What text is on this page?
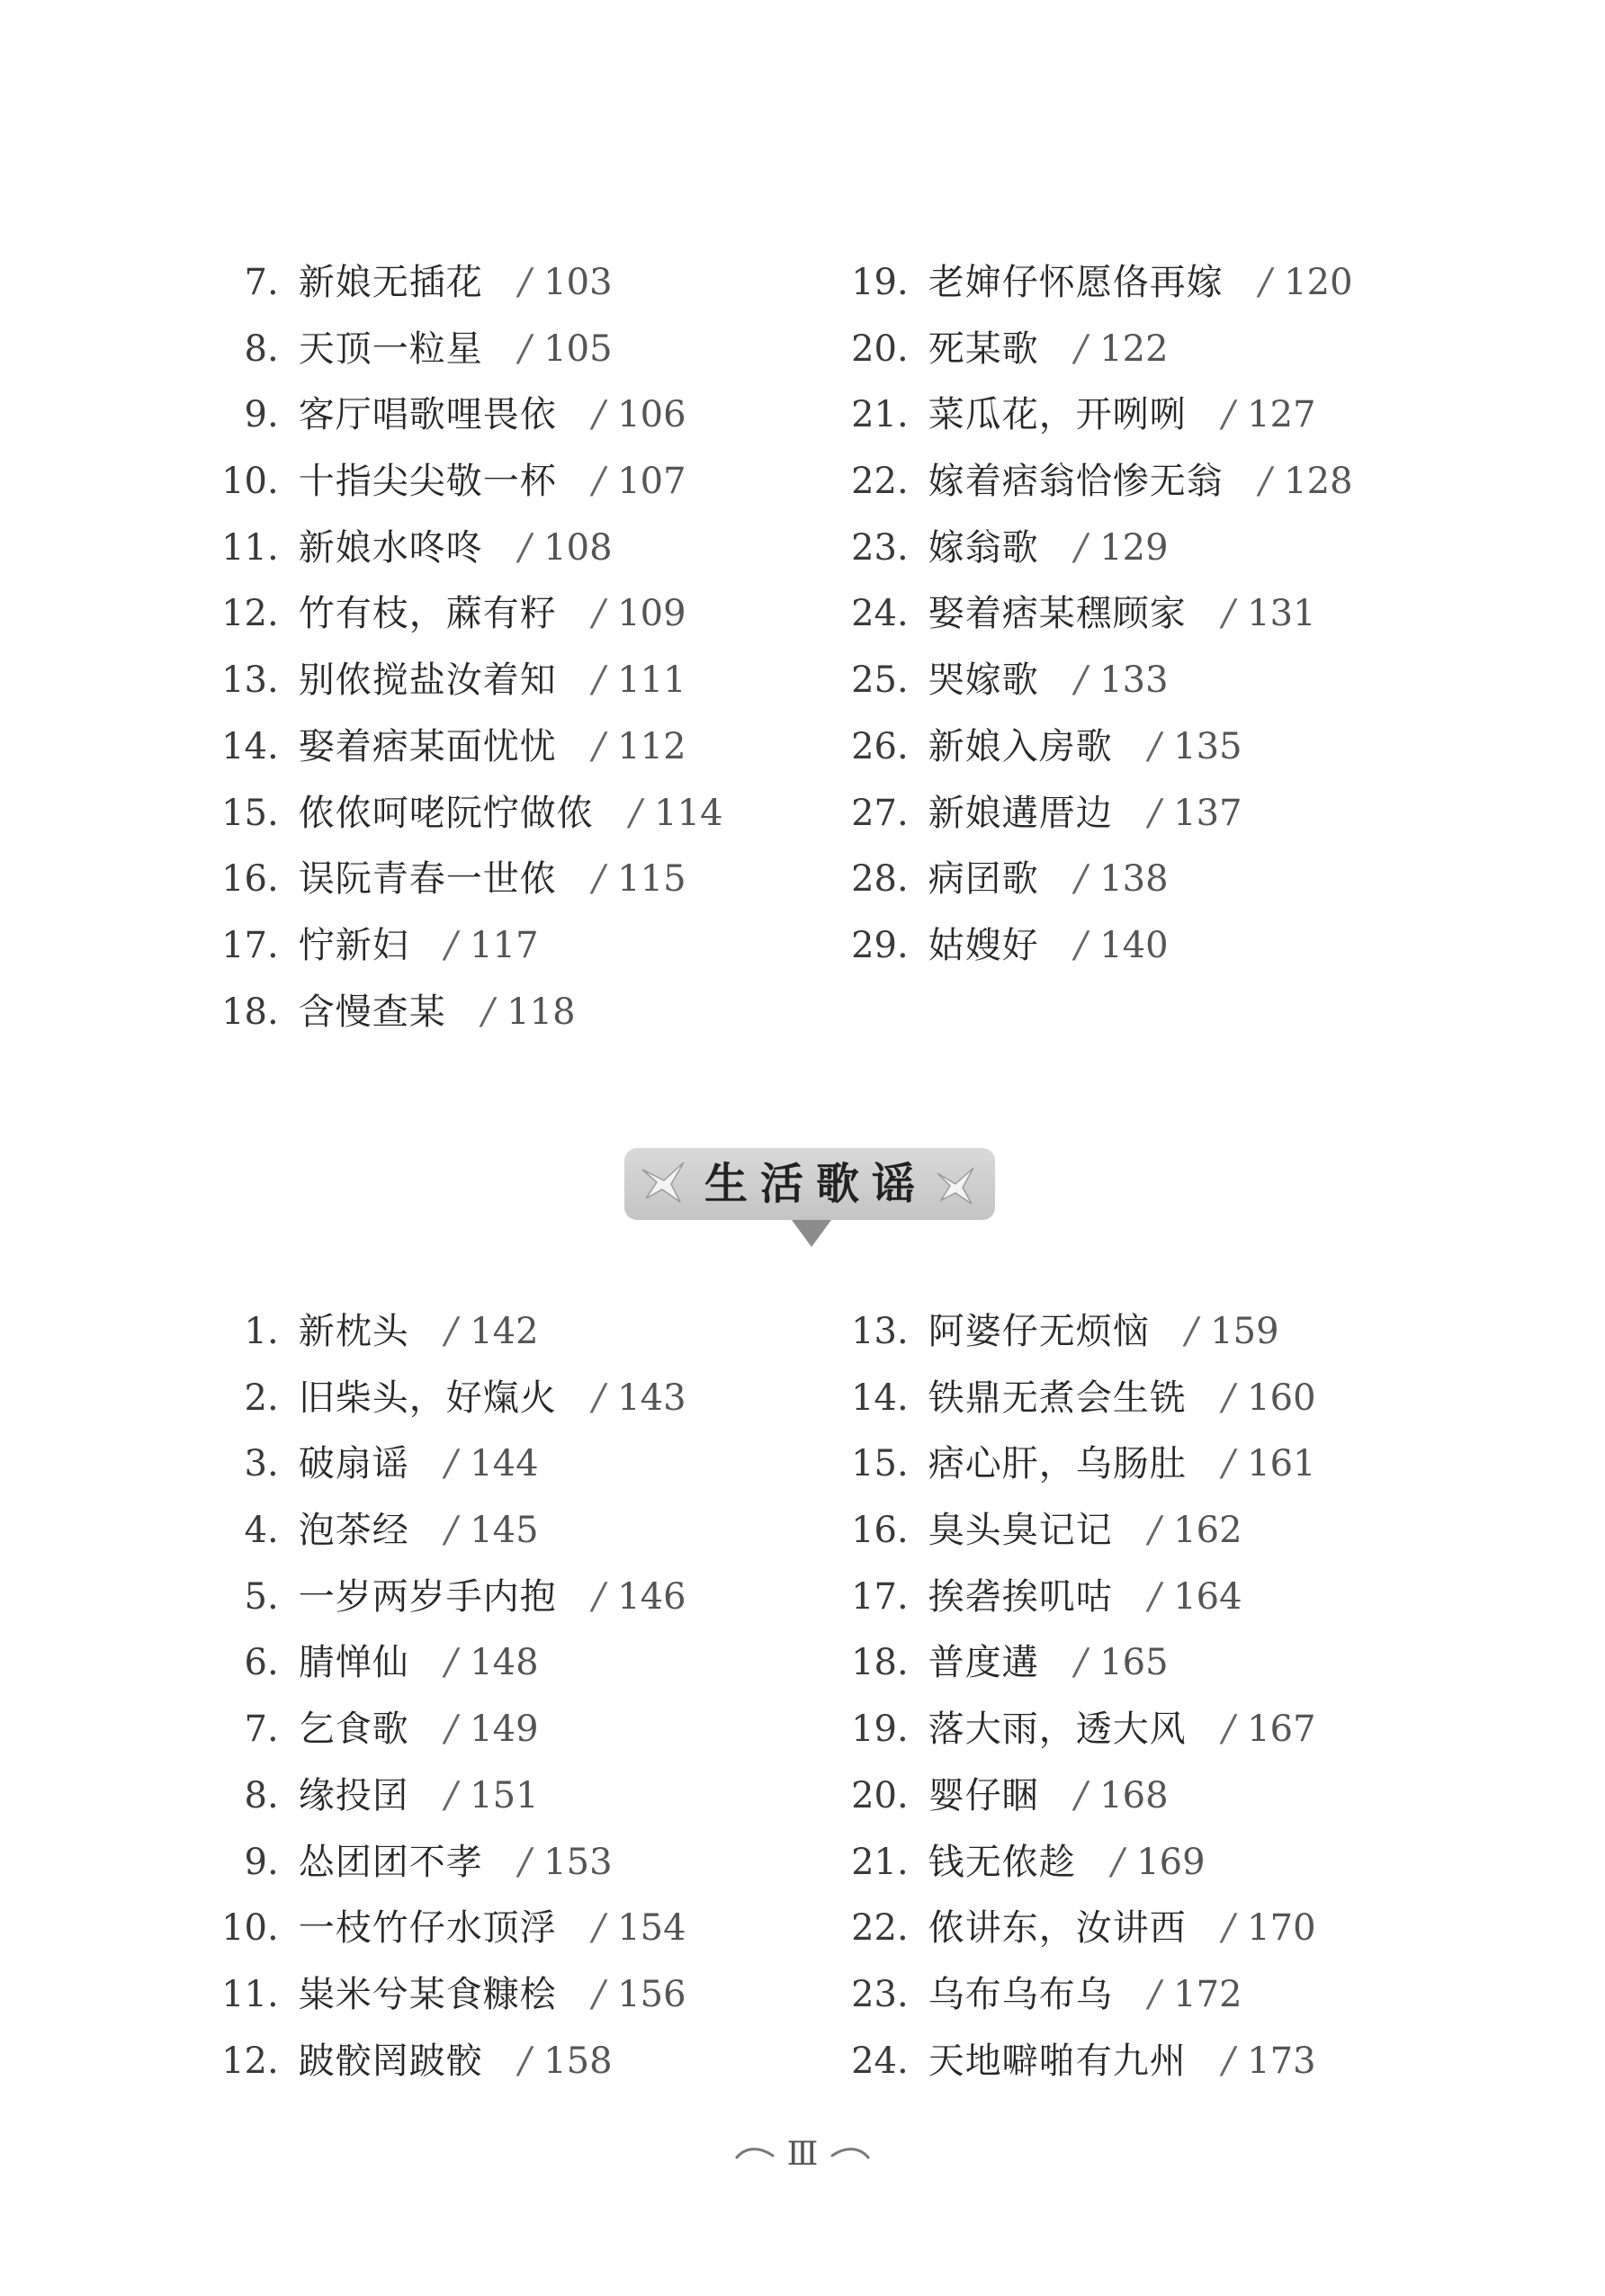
7. 新娘无插花 / 103
8. 天顶一粒星 / 105
9. 客厅唱歌哩畏依 / 106
10. 十指尖尖敬一杯 / 107
11. 新娘水咚咚 / 108
12. 竹有枝，蔴有籽 / 109
13. 别侬搅盐汝着知 / 111
14. 娶着痞某面忧忧 / 112
15. 侬侬呵咾阮㤖做侬 / 114
16. 误阮青春一世侬 / 115
17. 㤖新妇 / 117
18. 含慢查某 / 118
19. 老婶仔怀愿佫再嫁 / 120
20. 死某歌 / 122
21. 菜瓜花，开咧咧 / 127
22. 嫁着痞翁恰惨无翁 / 128
23. 嫁翁歌 / 129
24. 娶着痞某䆀顾家 / 131
25. 哭嫁歌 / 133
26. 新娘入房歌 / 135
27. 新娘遘厝边 / 137
28. 病囝歌 / 138
29. 姑嫂好 / 140
生活歌谣
1. 新枕头 / 142
2. 旧柴头，好熂火 / 143
3. 破扇谣 / 144
4. 泡茶经 / 145
5. 一岁两岁手内抱 / 146
6. 腈惮仙 / 148
7. 乞食歌 / 149
8. 缘投囝 / 151
9. 怂团团不孝 / 153
10. 一枝竹仔水顶浮 / 154
11. 粜米兮某食糠桧 / 156
12. 跛骹罔跛骹 / 158
13. 阿婆仔无烦恼 / 159
14. 铁鼎无煮会生铣 / 160
15. 痞心肝，乌肠肚 / 161
16. 臭头臭记记 / 162
17. 挨砻挨叽咕 / 164
18. 普度遘 / 165
19. 落大雨，透大风 / 167
20. 婴仔睏 / 168
21. 钱无侬趁 / 169
22. 侬讲东，汝讲西 / 170
23. 乌布乌布乌 / 172
24. 天地噼啪有九州 / 173
Ⅲ
